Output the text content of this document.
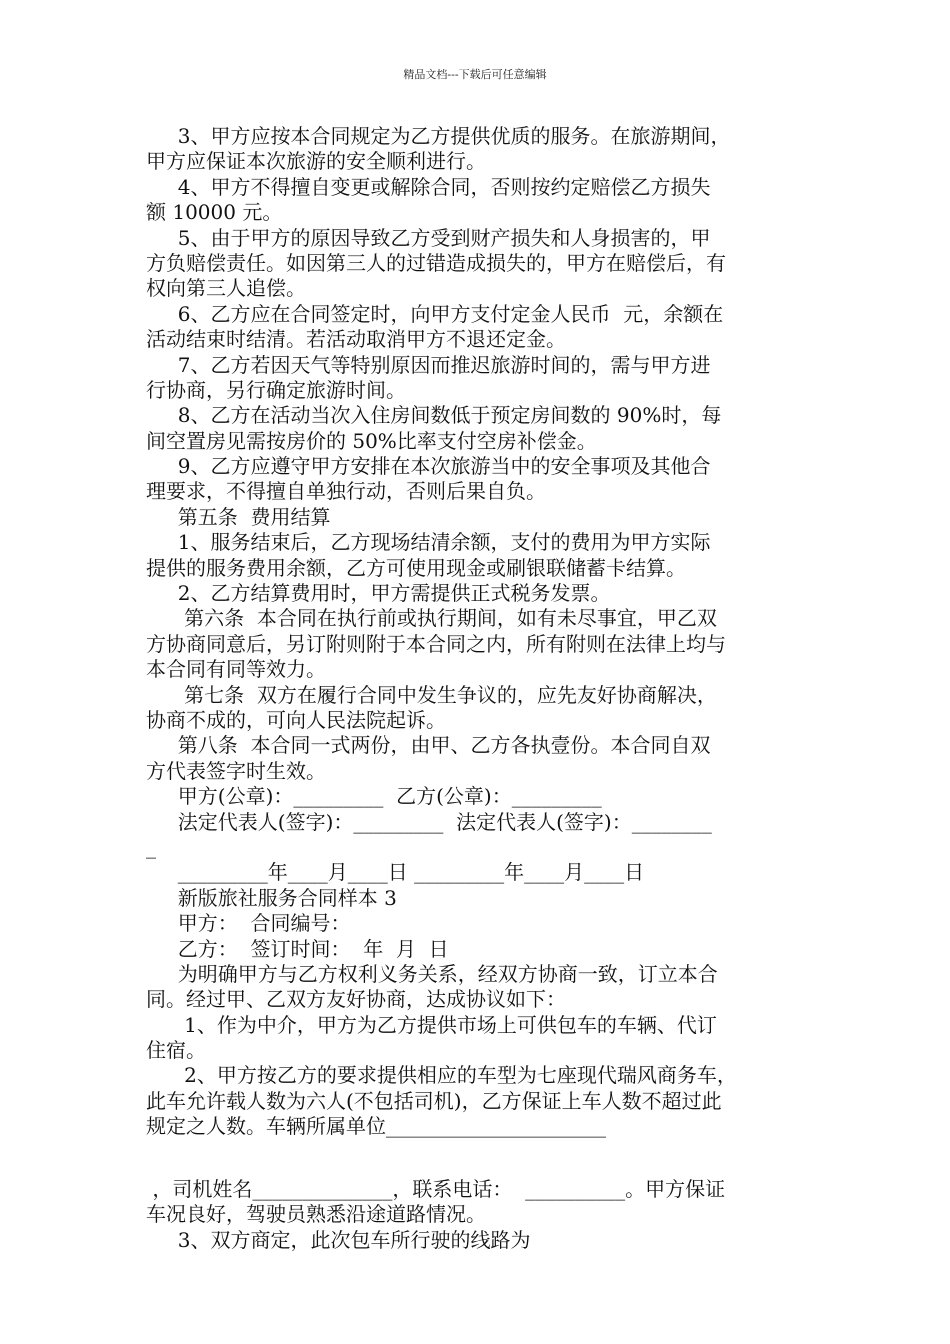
精品文档---下载后可任意编辑
3、甲方应按本合同规定为乙方提供优质的服务。在旅游期间，
甲方应保证本次旅游的安全顺利进行。
4、甲方不得擅自变更或解除合同，否则按约定赔偿乙方损失
额 10000 元。
5、由于甲方的原因导致乙方受到财产损失和人身损害的，甲
方负赔偿责任。如因第三人的过错造成损失的，甲方在赔偿后，有
权向第三人追偿。
6、乙方应在合同签定时，向甲方支付定金人民币  元，余额在
活动结束时结清。若活动取消甲方不退还定金。
7、乙方若因天气等特别原因而推迟旅游时间的，需与甲方进
行协商，另行确定旅游时间。
8、乙方在活动当次入住房间数低于预定房间数的 90%时，每
间空置房见需按房价的 50%比率支付空房补偿金。
9、乙方应遵守甲方安排在本次旅游当中的安全事项及其他合
理要求，不得擅自单独行动，否则后果自负。
第五条  费用结算
1、服务结束后，乙方现场结清余额，支付的费用为甲方实际
提供的服务费用余额，乙方可使用现金或刷银联储蓄卡结算。
2、乙方结算费用时，甲方需提供正式税务发票。
第六条  本合同在执行前或执行期间，如有未尽事宜，甲乙双
方协商同意后，另订附则附于本合同之内，所有附则在法律上均与
本合同有同等效力。
第七条  双方在履行合同中发生争议的，应先友好协商解决，
协商不成的，可向人民法院起诉。
第八条  本合同一式两份，由甲、乙方各执壹份。本合同自双
方代表签字时生效。
甲方(公章)：_________  乙方(公章)：_________
法定代表人(签字)：_________  法定代表人(签字)：________
_
_________年____月____日 _________年____月____日
新版旅社服务合同样本 3
甲方：  合同编号：
乙方：  签订时间：  年  月  日
为明确甲方与乙方权利义务关系，经双方协商一致，订立本合
同。经过甲、乙双方友好协商，达成协议如下：
1、作为中介，甲方为乙方提供市场上可供包车的车辆、代订
住宿。
2、甲方按乙方的要求提供相应的车型为七座现代瑞风商务车，
此车允许载人数为六人(不包括司机)，乙方保证上车人数不超过此
规定之人数。车辆所属单位______________________
，司机姓名______________，联系电话：  __________。甲方保证
车况良好，驾驶员熟悉沿途道路情况。
3、双方商定，此次包车所行驶的线路为
